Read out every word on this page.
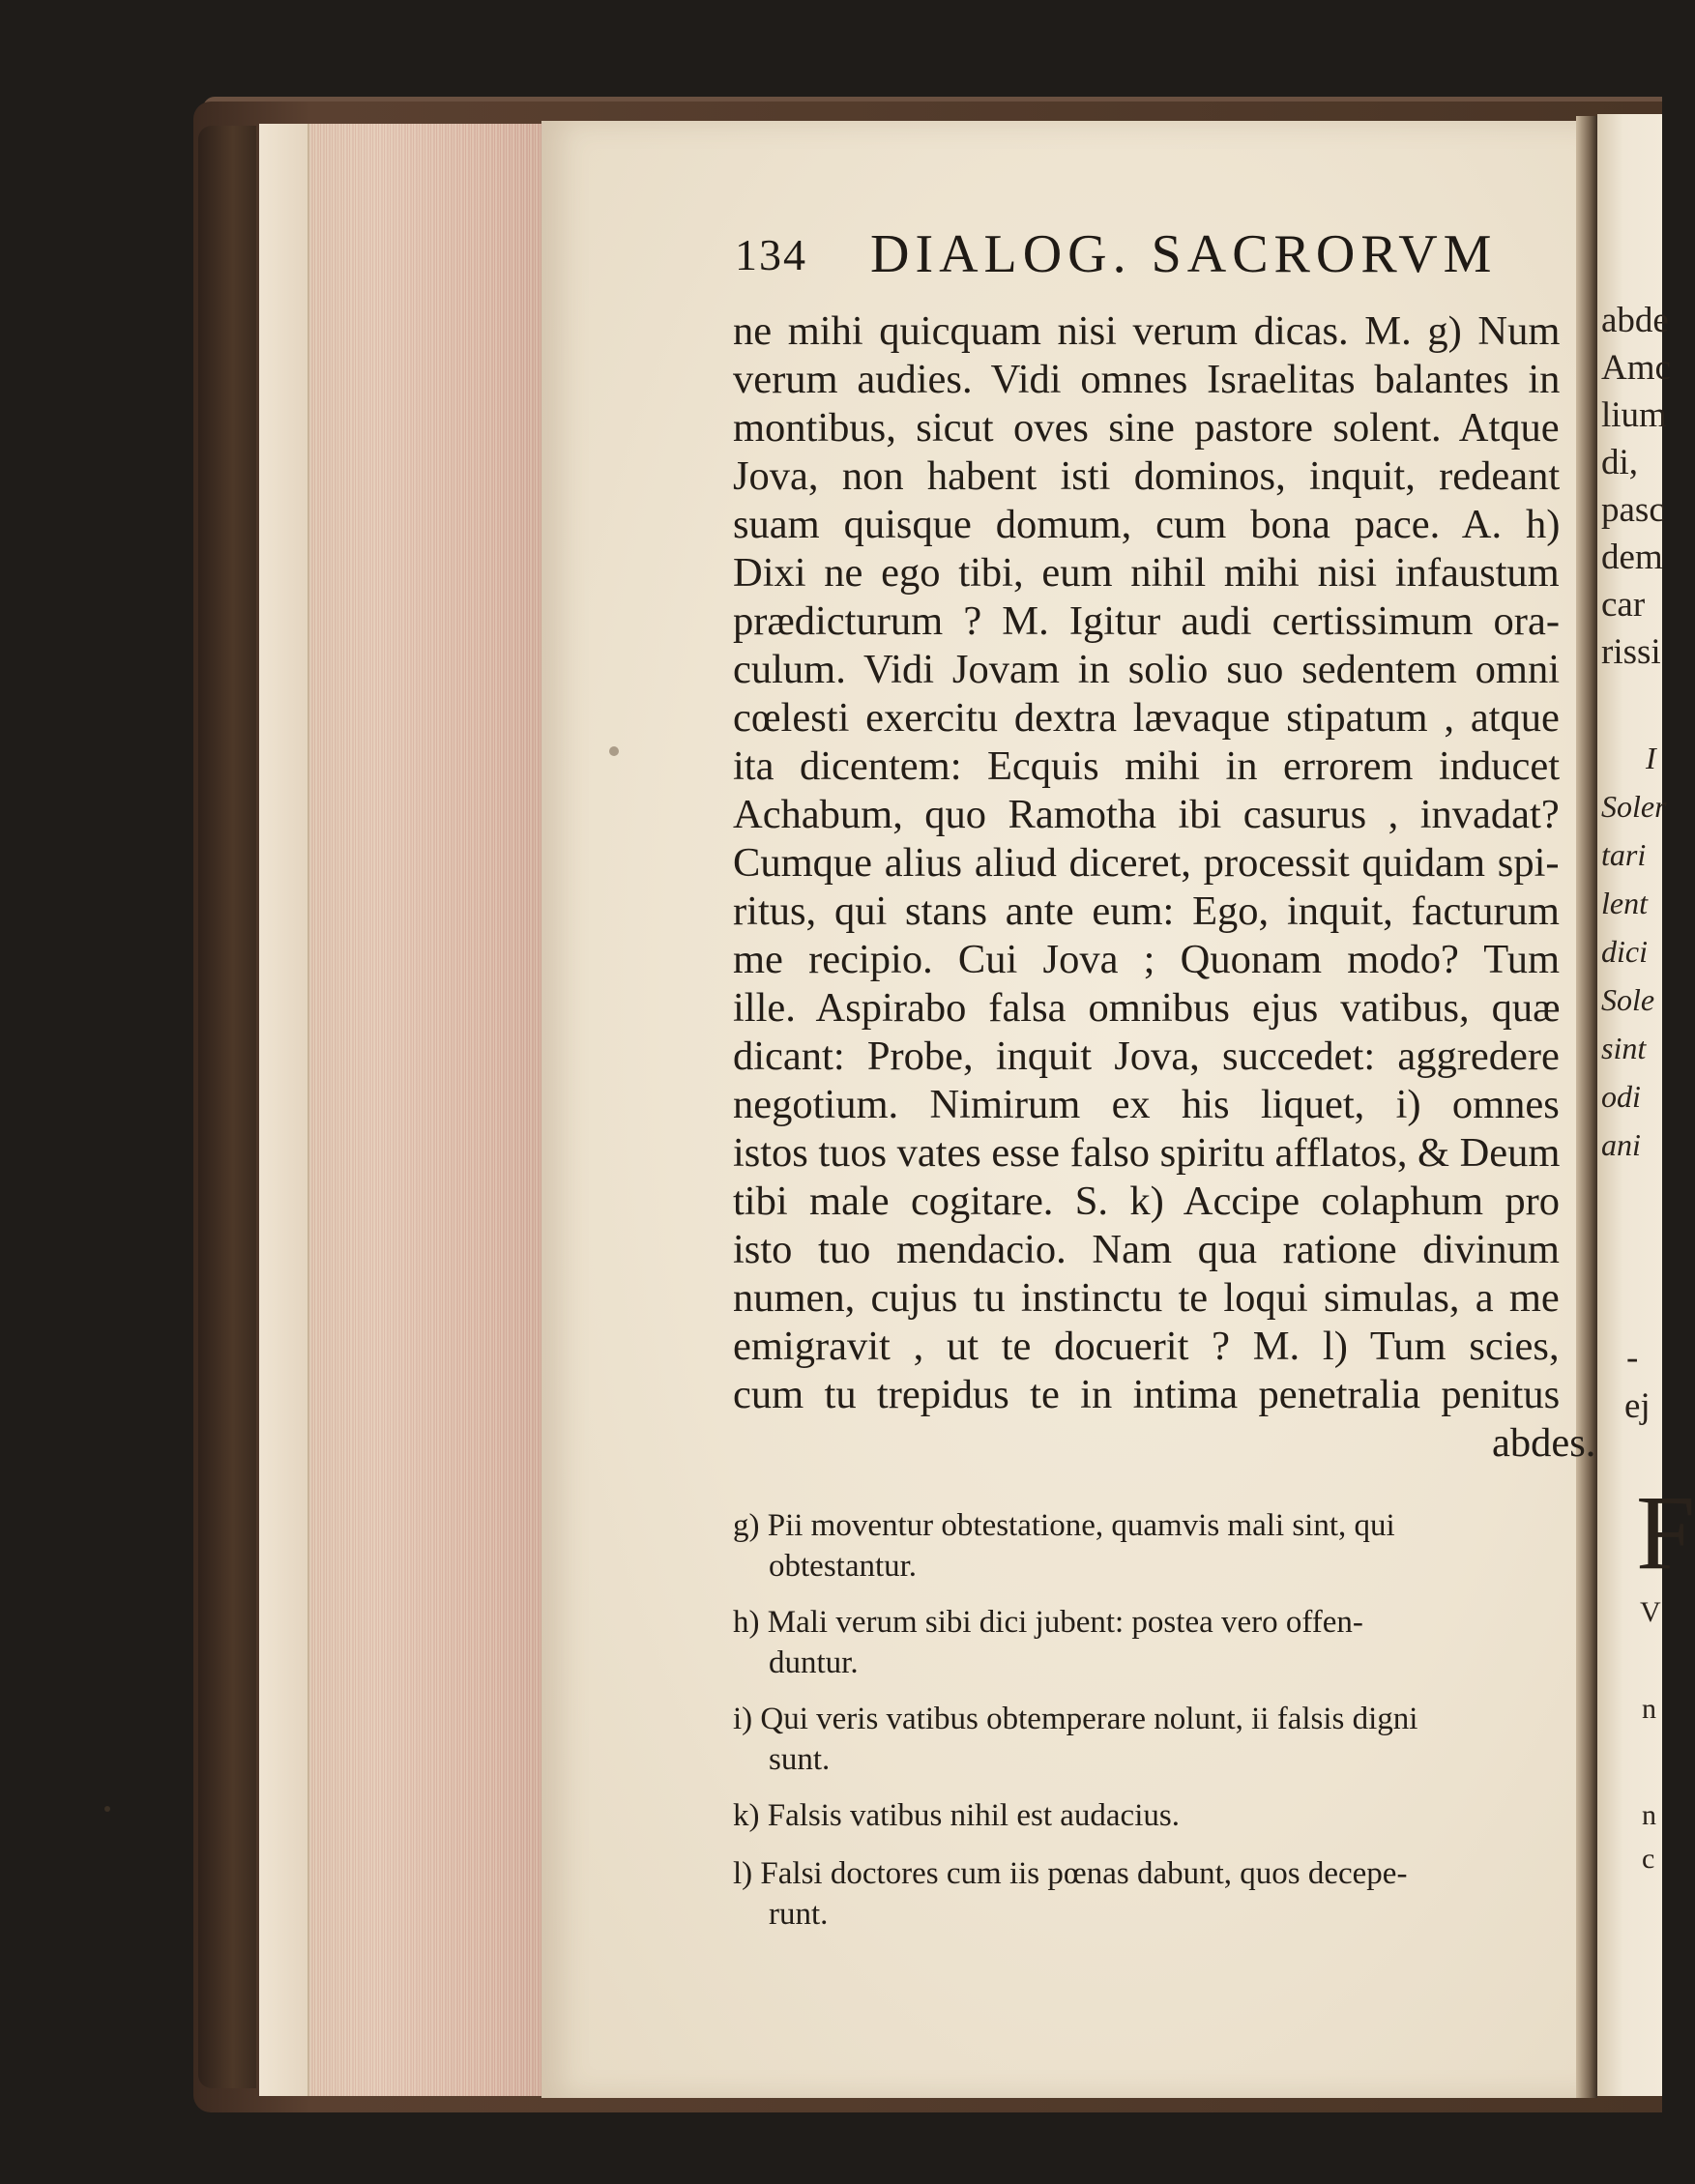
abde
Amc
lium
di,
pasc
dem
car
rissi
I
Soler
tari
lent
dici
Sole
sint
odi
ani
-
ej
F
V
n
n
c
134 DIALOG. SACRORVM
ne mihi quicquam nisi verum dicas. M. g) Num
verum audies. Vidi omnes Israelitas balantes in
montibus, sicut oves sine pastore solent. Atque
Jova, non habent isti dominos, inquit, redeant
suam quisque domum, cum bona pace. A. h)
Dixi ne ego tibi, eum nihil mihi nisi infaustum
prædicturum ? M. Igitur audi certissimum ora-
culum. Vidi Jovam in solio suo sedentem omni
cœlesti exercitu dextra lævaque stipatum , atque
ita dicentem: Ecquis mihi in errorem inducet
Achabum, quo Ramotha ibi casurus , invadat?
Cumque alius aliud diceret, processit quidam spi-
ritus, qui stans ante eum: Ego, inquit, facturum
me recipio. Cui Jova ; Quonam modo? Tum
ille. Aspirabo falsa omnibus ejus vatibus, quæ
dicant: Probe, inquit Jova, succedet: aggredere
negotium. Nimirum ex his liquet, i) omnes
istos tuos vates esse falso spiritu afflatos, & Deum
tibi male cogitare. S. k) Accipe colaphum pro
isto tuo mendacio. Nam qua ratione divinum
numen, cujus tu instinctu te loqui simulas, a me
emigravit , ut te docuerit ? M. l) Tum scies,
cum tu trepidus te in intima penetralia penitus
abdes.
g) Pii moventur obtestatione, quamvis mali sint, qui
obtestantur.
h) Mali verum sibi dici jubent: postea vero offen-
duntur.
i) Qui veris vatibus obtemperare nolunt, ii falsis digni
sunt.
k) Falsis vatibus nihil est audacius.
l) Falsi doctores cum iis pœnas dabunt, quos decepe-
runt.
